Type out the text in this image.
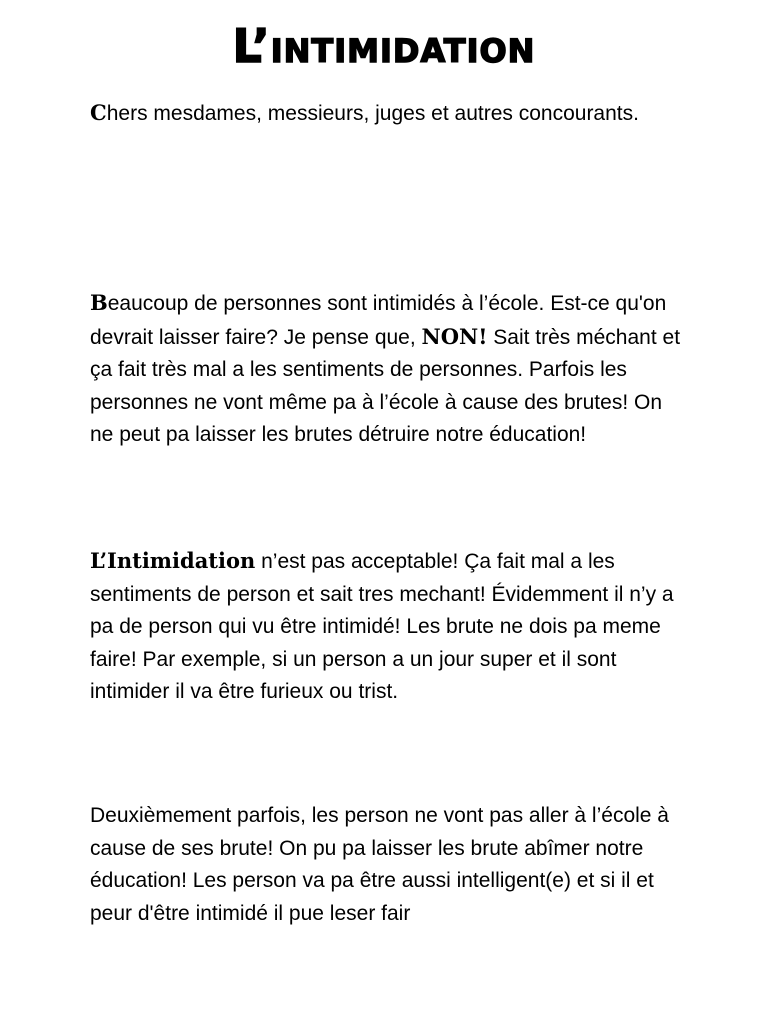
L’intimidation

Chers mesdames, messieurs, juges et autres concourants.

Beaucoup de personnes sont intimidés à l’école. Est-ce qu'on devrait laisser faire? Je pense que, NON! Sait très méchant et ça fait très mal a les sentiments de personnes. Parfois les personnes ne vont même pa à l’école à cause des brutes! On ne peut pa laisser les brutes détruire notre éducation!

L’Intimidation n’est pas acceptable! Ça fait mal a les sentiments de person et sait tres mechant! Évidemment il n’y a pa de person qui vu être intimidé! Les brute ne dois pa meme faire! Par exemple, si un person a un jour super et il sont intimider il va être furieux ou trist.

Deuxièmement parfois, les person ne vont pas aller à l’école à cause de ses brute! On pu pa laisser les brute abîmer notre éducation! Les person va pa être aussi intelligent(e) et si il et peur d'être intimidé il pue leser fair
